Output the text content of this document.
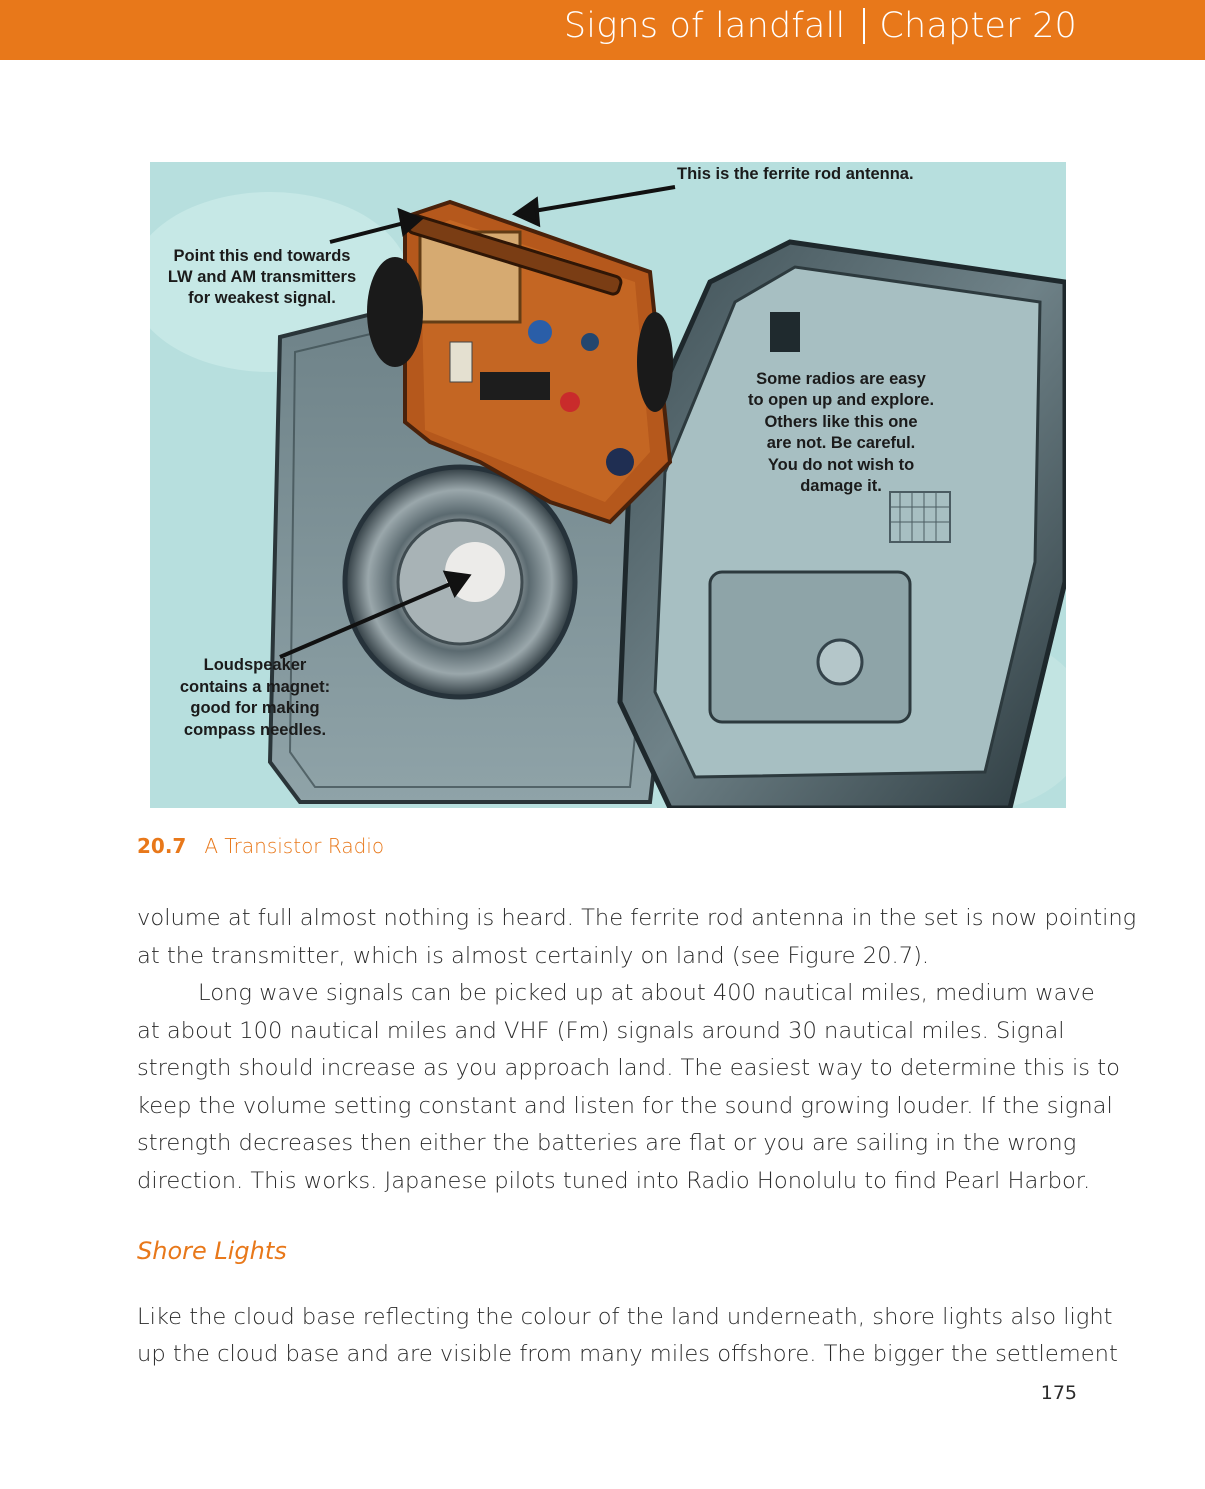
Signs of landfall Chapter 20
This is the ferrite rod antenna.
Point this end towards
LW and AM transmitters
for weakest signal.
Some radios are easy
to open up and explore.
Others like this one
are not. Be careful.
You do not wish to
damage it.
Loudspeaker
contains a magnet:
good for making
compass needles.
20.7 A Transistor Radio

volume at full almost nothing is heard. The ferrite rod antenna in the set is now pointing
at the transmitter, which is almost certainly on land (see Figure 20.7).

Long wave signals can be picked up at about 400 nautical miles, medium wave
at about 100 nautical miles and VHF (Fm) signals around 30 nautical miles. Signal
strength should increase as you approach land. The easiest way to determine this is to
keep the volume setting constant and listen for the sound growing louder. If the signal
strength decreases then either the batteries are flat or you are sailing in the wrong
direction. This works. Japanese pilots tuned into Radio Honolulu to find Pearl Harbor.

Shore Lights

Like the cloud base reflecting the colour of the land underneath, shore lights also light
up the cloud base and are visible from many miles offshore. The bigger the settlement

175
